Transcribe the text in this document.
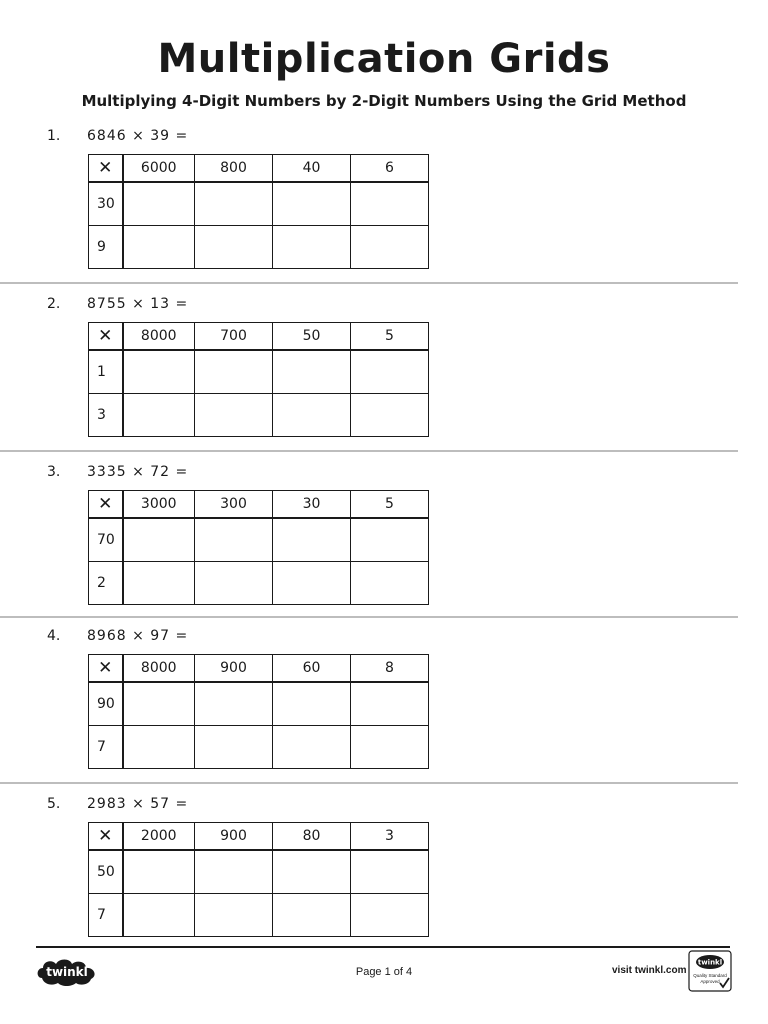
Multiplication Grids
Multiplying 4-Digit Numbers by 2-Digit Numbers Using the Grid Method
1. 6846 × 39 =
✕	6000	800	40	6
30				
9				
2. 8755 × 13 =
✕	8000	700	50	5
1				
3				
3. 3335 × 72 =
✕	3000	300	30	5
70				
2				
4. 8968 × 97 =
✕	8000	900	60	8
90				
7				
5. 2983 × 57 =
✕	2000	900	80	3
50				
7				
twinkl	Page 1 of 4	visit twinkl.com
twinkl
Quality Standard
Approved
